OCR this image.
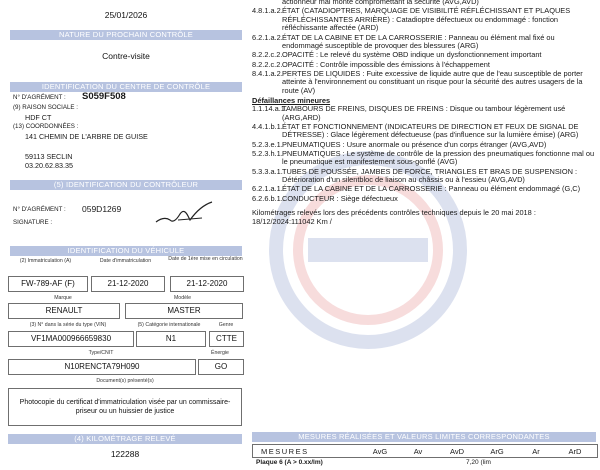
25/01/2026
NATURE DU PROCHAIN CONTRÔLE
Contre-visite
IDENTIFICATION DU CENTRE DE CONTRÔLE
N° D'AGRÉMENT : S059F508
(9) RAISON SOCIALE :
HDF CT
(13) COORDONNÉES :
141 CHEMIN DE L'ARBRE DE GUISE
59113 SECLIN
03.20.62.83.35
(5) IDENTIFICATION DU CONTRÔLEUR
N° D'AGRÉMENT : 059D1269
SIGNATURE :
IDENTIFICATION DU VÉHICULE
(2) Immatriculation (A)	Date d'immatriculation	Date de 1ère mise en circulation
FW-789-AF (F)	21-12-2020	21-12-2020
Marque	Modèle
RENAULT	MASTER
(3) N° dans la série du type (VIN)	(5) Catégorie internationale	Genre
VF1MA000966659830	N1	CTTE
Type/CNIT	Énergie
N10RENCTA79H090	GO
Document(s) présenté(s)
Photocopie du certificat d'immatriculation visée par un commissaire-priseur ou un huissier de justice
(4) KILOMÉTRAGE RELEVÉ
122288
actionneur mal monté compromettant la sécurité (AVG,AVD)
4.8.1.a.2. ÉTAT (CATADIOPTRES, MARQUAGE DE VISIBILITÉ RÉFLÉCHISSANT ET PLAQUES RÉFLÉCHISSANTES ARRIÈRE) : Catadioptre défectueux ou endommagé : fonction réfléchissante affectée (ARD)
6.2.1.a.2. ÉTAT DE LA CABINE ET DE LA CARROSSERIE : Panneau ou élément mal fixé ou endommagé susceptible de provoquer des blessures (ARG)
8.2.2.c.2. OPACITÉ : Le relevé du système OBD indique un dysfonctionnement important
8.2.2.c.2. OPACITÉ : Contrôle impossible des émissions à l'échappement
8.4.1.a.2. PERTES DE LIQUIDES : Fuite excessive de liquide autre que de l'eau susceptible de porter atteinte à l'environnement ou constituant un risque pour la sécurité des autres usagers de la route (AV)
Défaillances mineures
1.1.14.a.1.
TAMBOURS DE FREINS, DISQUES DE FREINS : Disque ou tambour légèrement usé (ARG,ARD)
4.4.1.b.1. ÉTAT ET FONCTIONNEMENT (INDICATEURS DE DIRECTION ET FEUX DE SIGNAL DE DÉTRESSE) : Glace légèrement défectueuse (pas d'influence sur la lumière émise) (ARG)
5.2.3.e.1. PNEUMATIQUES : Usure anormale ou présence d'un corps étranger (AVG,AVD)
5.2.3.h.1. PNEUMATIQUES : Le système de contrôle de la pression des pneumatiques fonctionne mal ou le pneumatique est manifestement sous-gonflé (AVG)
5.3.3.a.1. TUBES DE POUSSÉE, JAMBES DE FORCE, TRIANGLES ET BRAS DE SUSPENSION : Détérioration d'un silentbloc de liaison au châssis ou à l'essieu (AVG,AVD)
6.2.1.a.1. ÉTAT DE LA CABINE ET DE LA CARROSSERIE : Panneau ou élément endommagé (G,C)
6.2.6.b.1. CONDUCTEUR : Siège défectueux
Kilométrages relevés lors des précédents contrôles techniques depuis le 20 mai 2018 : 18/12/2024:111042 Km /
MESURES RÉALISÉES ET VALEURS LIMITES CORRESPONDANTES
MESURES	AvG	Av	AvD	ArG	Ar	ArD
Plaque 6 (A > 0.xx/lm)	7,20 (lim
